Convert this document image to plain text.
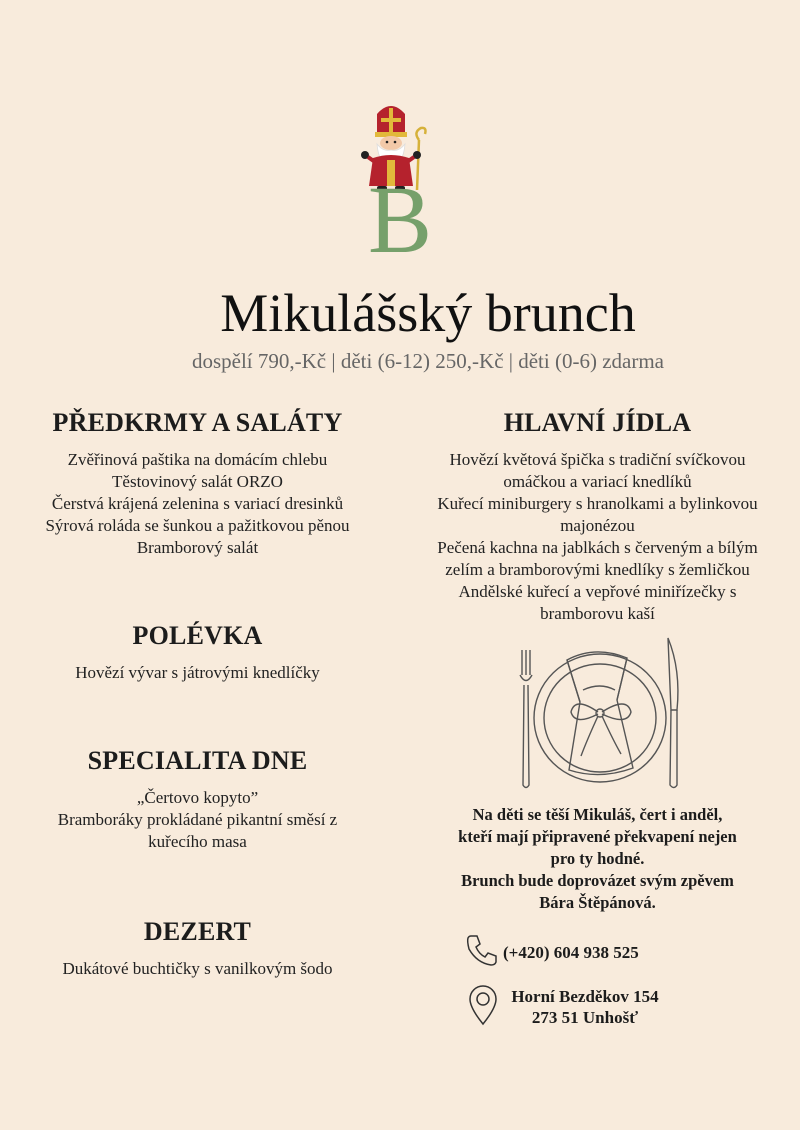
B
Mikulášský brunch
dospělí 790,-Kč | děti (6-12) 250,-Kč | děti (0-6) zdarma
PŘEDKRMY A SALÁTY
Zvěřinová paštika na domácím chlebu
Těstovinový salát ORZO
Čerstvá krájená zelenina s variací dresinků
Sýrová roláda se šunkou a pažitkovou pěnou
Bramborový salát
POLÉVKA
Hovězí vývar s játrovými knedlíčky
SPECIALITA DNE
„Čertovo kopyto”
Bramboráky prokládané pikantní směsí z
kuřecího masa
DEZERT
Dukátové buchtičky s vanilkovým šodo
HLAVNÍ JÍDLA
Hovězí květová špička s tradiční svíčkovou
omáčkou a variací knedlíků
Kuřecí miniburgery s hranolkami a bylinkovou
majonézou
Pečená kachna na jablkách s červeným a bílým
zelím a bramborovými knedlíky s žemličkou
Andělské kuřecí a vepřové miniřízečky s
bramborovu kaší
Na děti se těší Mikuláš, čert i anděl,
kteří mají připravené překvapení nejen
pro ty hodné.
Brunch bude doprovázet svým zpěvem
Bára Štěpánová.
(+420) 604 938 525
Horní Bezděkov 154
273 51 Unhošť
